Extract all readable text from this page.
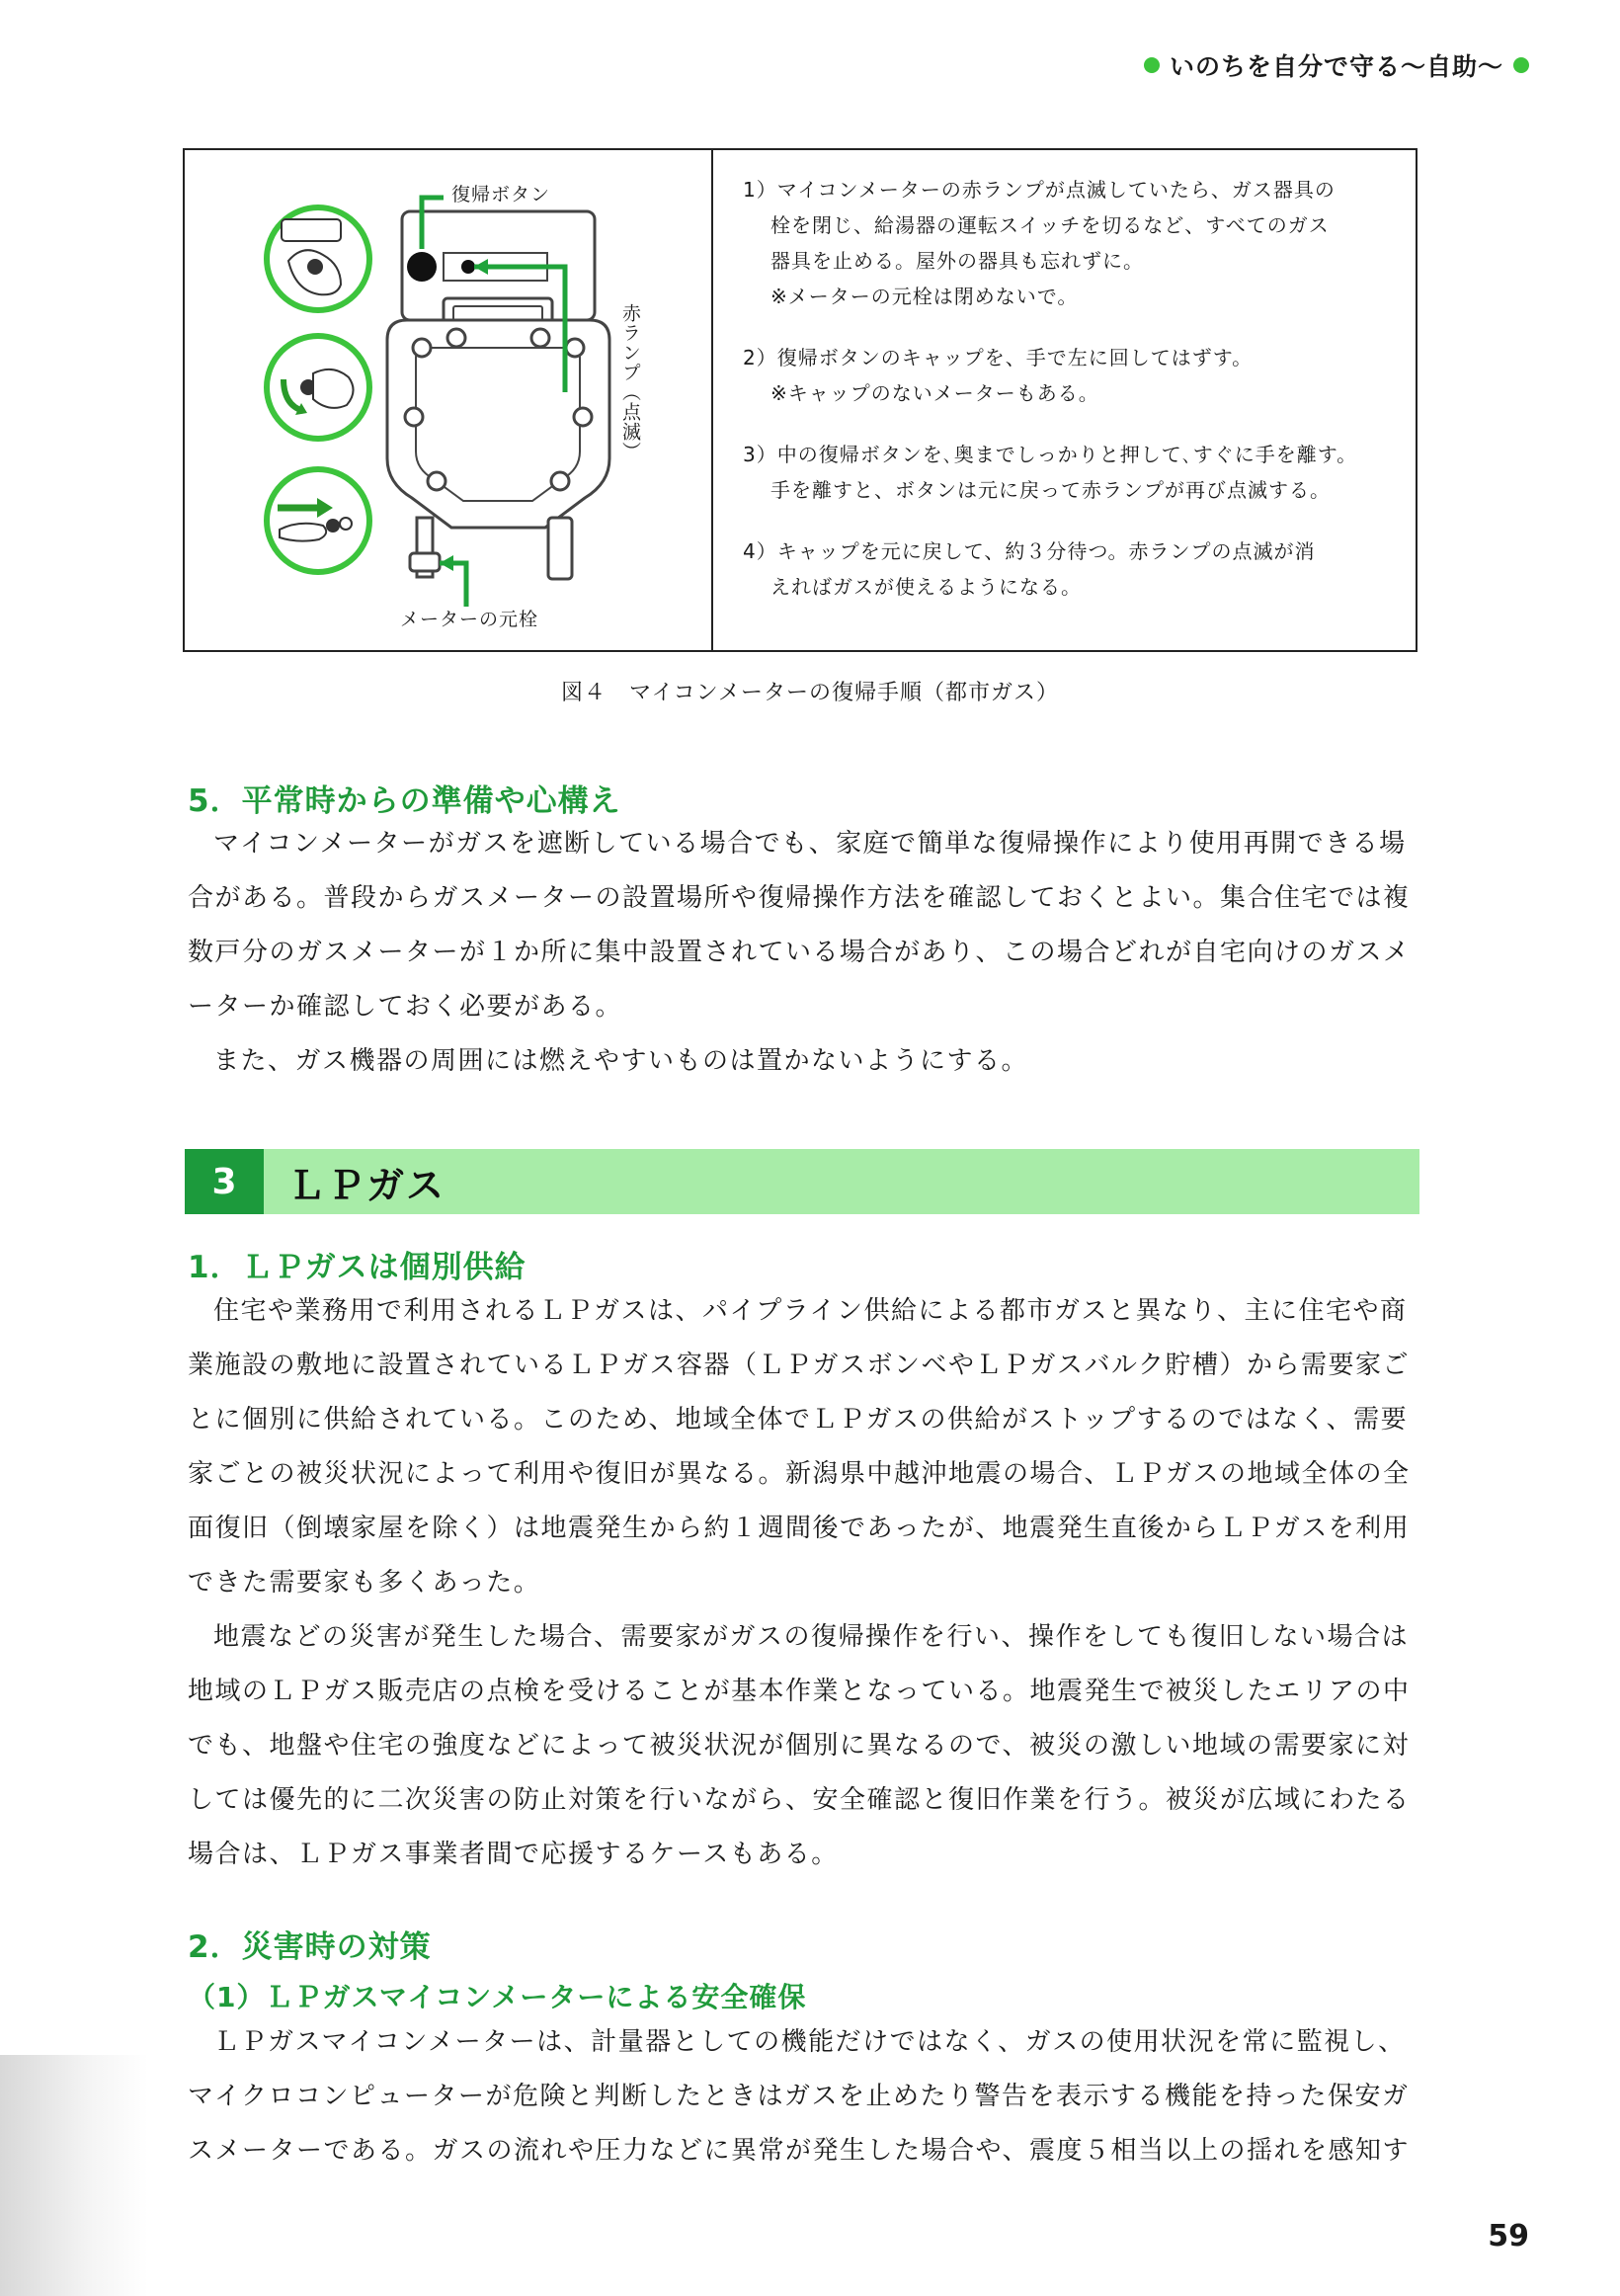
いのちを自分で守る〜自助〜
復帰ボタン
赤ランプ（点滅）
メーターの元栓

1）マイコンメーターの赤ランプが点滅していたら、ガス器具の

栓を閉じ、給湯器の運転スイッチを切るなど、すべてのガス

器具を止める。屋外の器具も忘れずに。

※メーターの元栓は閉めないで。

2）復帰ボタンのキャップを、手で左に回してはずす。

※キャップのないメーターもある。

3）中の復帰ボタンを､奥までしっかりと押して､すぐに手を離す。

手を離すと、ボタンは元に戻って赤ランプが再び点滅する。

4）キャップを元に戻して、約３分待つ。赤ランプの点滅が消

えればガスが使えるようになる。

図４　マイコンメーターの復帰手順（都市ガス）
5．平常時からの準備や心構え

マイコンメーターがガスを遮断している場合でも、家庭で簡単な復帰操作により使用再開できる場合がある。普段からガスメーターの設置場所や復帰操作方法を確認しておくとよい。集合住宅では複数戸分のガスメーターが１か所に集中設置されている場合があり、この場合どれが自宅向けのガスメーターか確認しておく必要がある。

また、ガス機器の周囲には燃えやすいものは置かないようにする。

3	ＬＰガス
1．ＬＰガスは個別供給

住宅や業務用で利用されるＬＰガスは、パイプライン供給による都市ガスと異なり、主に住宅や商業施設の敷地に設置されているＬＰガス容器（ＬＰガスボンベやＬＰガスバルク貯槽）から需要家ごとに個別に供給されている。このため、地域全体でＬＰガスの供給がストップするのではなく、需要家ごとの被災状況によって利用や復旧が異なる。新潟県中越沖地震の場合、ＬＰガスの地域全体の全面復旧（倒壊家屋を除く）は地震発生から約１週間後であったが、地震発生直後からＬＰガスを利用できた需要家も多くあった。

地震などの災害が発生した場合、需要家がガスの復帰操作を行い、操作をしても復旧しない場合は地域のＬＰガス販売店の点検を受けることが基本作業となっている。地震発生で被災したエリアの中でも、地盤や住宅の強度などによって被災状況が個別に異なるので、被災の激しい地域の需要家に対しては優先的に二次災害の防止対策を行いながら、安全確認と復旧作業を行う。被災が広域にわたる場合は、ＬＰガス事業者間で応援するケースもある。

2．災害時の対策
（1）ＬＰガスマイコンメーターによる安全確保

ＬＰガスマイコンメーターは、計量器としての機能だけではなく、ガスの使用状況を常に監視し、マイクロコンピューターが危険と判断したときはガスを止めたり警告を表示する機能を持った保安ガスメーターである。ガスの流れや圧力などに異常が発生した場合や、震度５相当以上の揺れを感知す

59
